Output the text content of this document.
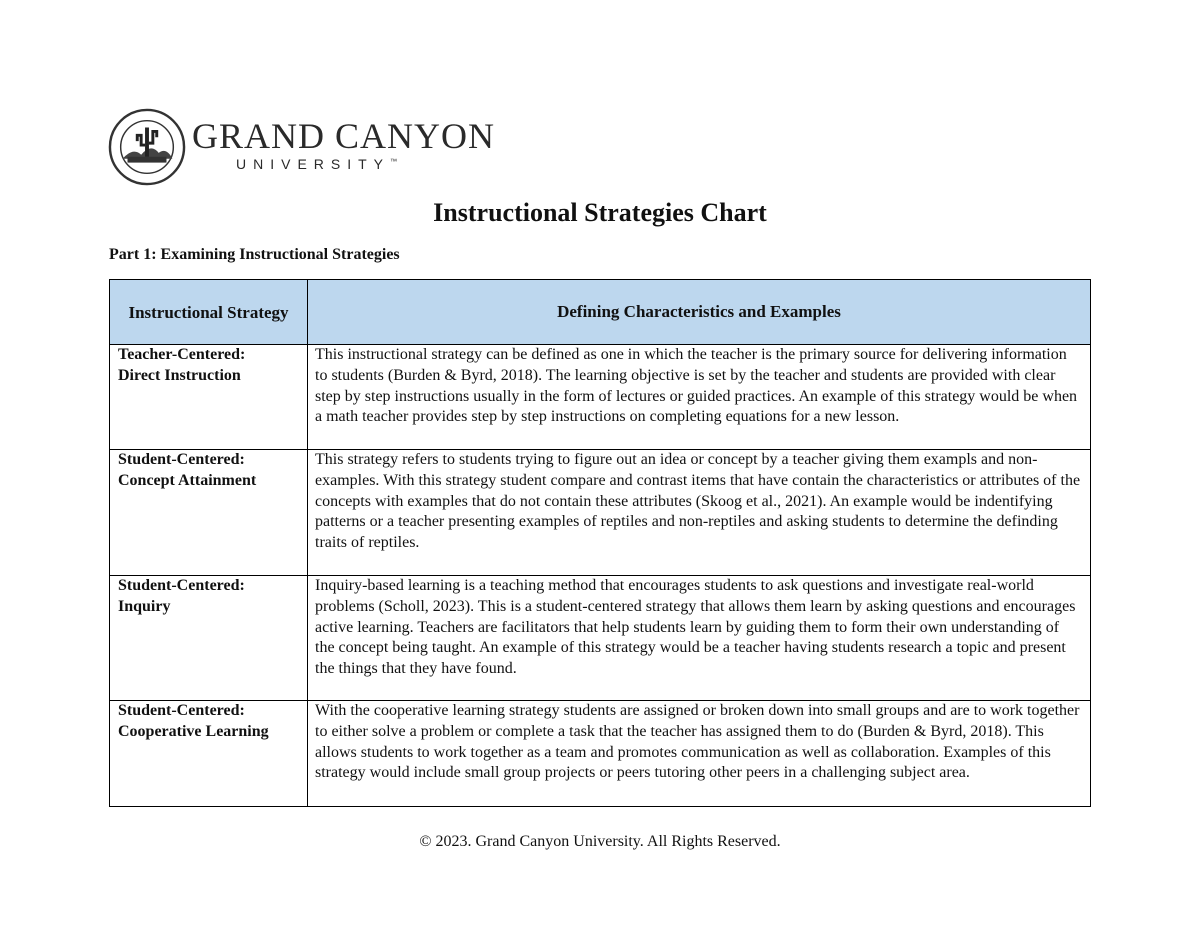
GRAND CANYON
UNIVERSITY™
Instructional Strategies Chart
Part 1: Examining Instructional Strategies
Instructional Strategy	Defining Characteristics and Examples

Teacher-Centered:
Direct Instruction	This instructional strategy can be defined as one in which the teacher is the primary source for delivering information to students (Burden & Byrd, 2018). The learning objective is set by the teacher and students are provided with clear step by step instructions usually in the form of lectures or guided practices. An example of this strategy would be when a math teacher provides step by step instructions on completing equations for a new lesson.

Student-Centered:
Concept Attainment	This strategy refers to students trying to figure out an idea or concept by a teacher giving them exampls and non-examples. With this strategy student compare and contrast items that have contain the characteristics or attributes of the concepts with examples that do not contain these attributes (Skoog et al., 2021). An example would be indentifying patterns or a teacher presenting examples of reptiles and non-reptiles and asking students to determine the definding traits of reptiles.

Student-Centered:
Inquiry	Inquiry-based learning is a teaching method that encourages students to ask questions and investigate real-world problems (Scholl, 2023). This is a student-centered strategy that allows them learn by asking questions and encourages active learning. Teachers are facilitators that help students learn by guiding them to form their own understanding of the concept being taught. An example of this strategy would be a teacher having students research a topic and present the things that they have found.

Student-Centered:
Cooperative Learning	With the cooperative learning strategy students are assigned or broken down into small groups and are to work together to either solve a problem or complete a task that the teacher has assigned them to do (Burden & Byrd, 2018). This allows students to work together as a team and promotes communication as well as collaboration. Examples of this strategy would include small group projects or peers tutoring other peers in a challenging subject area.
© 2023. Grand Canyon University. All Rights Reserved.
